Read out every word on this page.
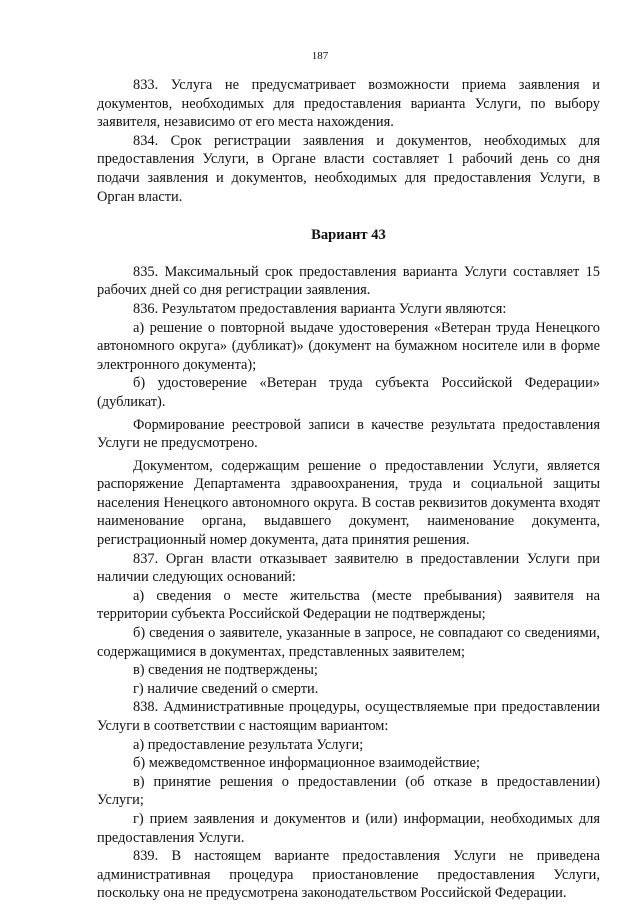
187

833. Услуга не предусматривает возможности приема заявления и документов, необходимых для предоставления варианта Услуги, по выбору заявителя, независимо от его места нахождения.

834. Срок регистрации заявления и документов, необходимых для предоставления Услуги, в Органе власти составляет 1 рабочий день со дня подачи заявления и документов, необходимых для предоставления Услуги, в Орган власти.

Вариант 43

835. Максимальный срок предоставления варианта Услуги составляет 15 рабочих дней со дня регистрации заявления.

836. Результатом предоставления варианта Услуги являются:

а) решение о повторной выдаче удостоверения «Ветеран труда Ненецкого автономного округа» (дубликат)» (документ на бумажном носителе или в форме электронного документа);

б) удостоверение «Ветеран труда субъекта Российской Федерации» (дубликат).

Формирование реестровой записи в качестве результата предоставления Услуги не предусмотрено.

Документом, содержащим решение о предоставлении Услуги, является распоряжение Департамента здравоохранения, труда и социальной защиты населения Ненецкого автономного округа. В состав реквизитов документа входят наименование органа, выдавшего документ, наименование документа, регистрационный номер документа, дата принятия решения.

837. Орган власти отказывает заявителю в предоставлении Услуги при наличии следующих оснований:

а) сведения о месте жительства (месте пребывания) заявителя на территории субъекта Российской Федерации не подтверждены;

б) сведения о заявителе, указанные в запросе, не совпадают со сведениями, содержащимися в документах, представленных заявителем;

в) сведения не подтверждены;

г) наличие сведений о смерти.

838. Административные процедуры, осуществляемые при предоставлении Услуги в соответствии с настоящим вариантом:

а) предоставление результата Услуги;

б) межведомственное информационное взаимодействие;

в) принятие решения о предоставлении (об отказе в предоставлении) Услуги;

г) прием заявления и документов и (или) информации, необходимых для предоставления Услуги.

839. В настоящем варианте предоставления Услуги не приведена административная процедура приостановление предоставления Услуги, поскольку она не предусмотрена законодательством Российской Федерации.
